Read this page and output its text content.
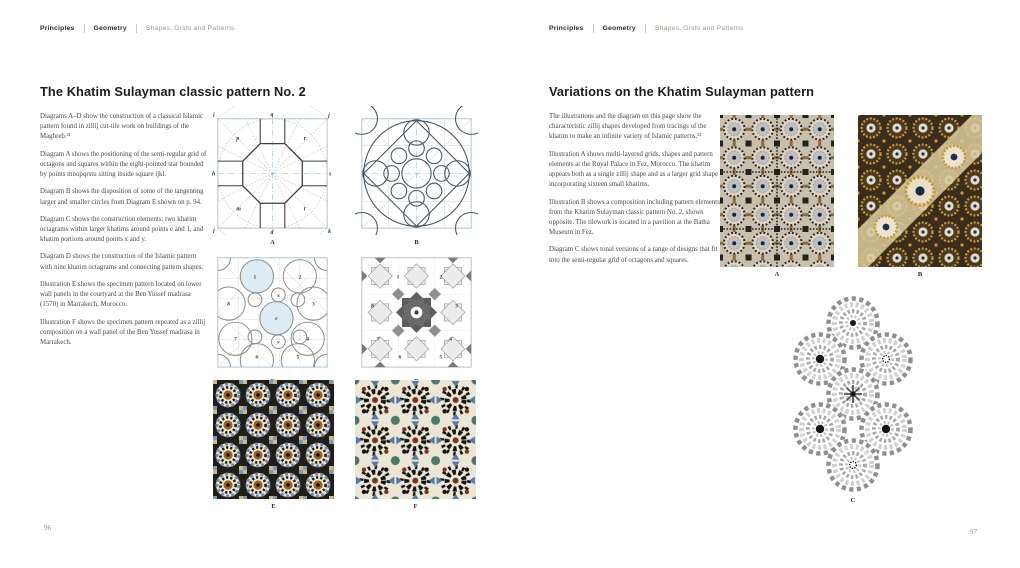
Principles	Geometry	Shapes, Grids and Patterns
The Khatim Sulayman classic pattern No. 2

Diagrams A–D show the construction of a classical Islamic pattern found in zillij cut-tile work on buildings of the Maghreb.²¹

Diagram A shows the positioning of the semi-regular grid of octagons and squares within the eight-pointed star bounded by points mnopqrstu sitting inside square ijkl.

Diagram B shows the disposition of some of the tangenting larger and smaller circles from Diagram E shown on p. 94.

Diagram C shows the construction elements: two khatim octagrams within larger khatims around points e and 1, and khatim portions around points x and y.

Diagram D shows the construction of the Islamic pattern with nine khatim octagrams and connecting pattern shapes.

Illustration E shows the specimen pattern located on lower wall panels in the courtyard at the Ben Yussef madrasa (1570) in Marrakech, Morocco.

Illustration F shows the specimen pattern repeated as a zillij composition on a wall panel of the Ben Yussef madrasa in Marrakech.

i	q	j
h	s
l	d	k
p	r
m	t
A	B
1	2
3
4
5
6
7
8
e
x
y
1	2
3
4
5
6
7
8
E	F
96
Principles	Geometry	Shapes, Grids and Patterns
Variations on the Khatim Sulayman pattern

The illustrations and the diagram on this page show the characteristic zillij shapes developed from tracings of the khatim to make an infinite variety of Islamic patterns.²²

Illustration A shows multi-layered grids, shapes and pattern elements at the Royal Palace in Fez, Morocco. The khatim appears both as a single zillij shape and as a larger grid shape incorporating sixteen small khatims.

Illustration B shows a composition including pattern elements from the Khatim Sulayman classic pattern No. 2, shown opposite. The tilework is located in a pavilion at the Batha Museum in Fez.

Diagram C shows tonal versions of a range of designs that fit into the semi-regular grid of octagons and squares.

A	B
C
97
